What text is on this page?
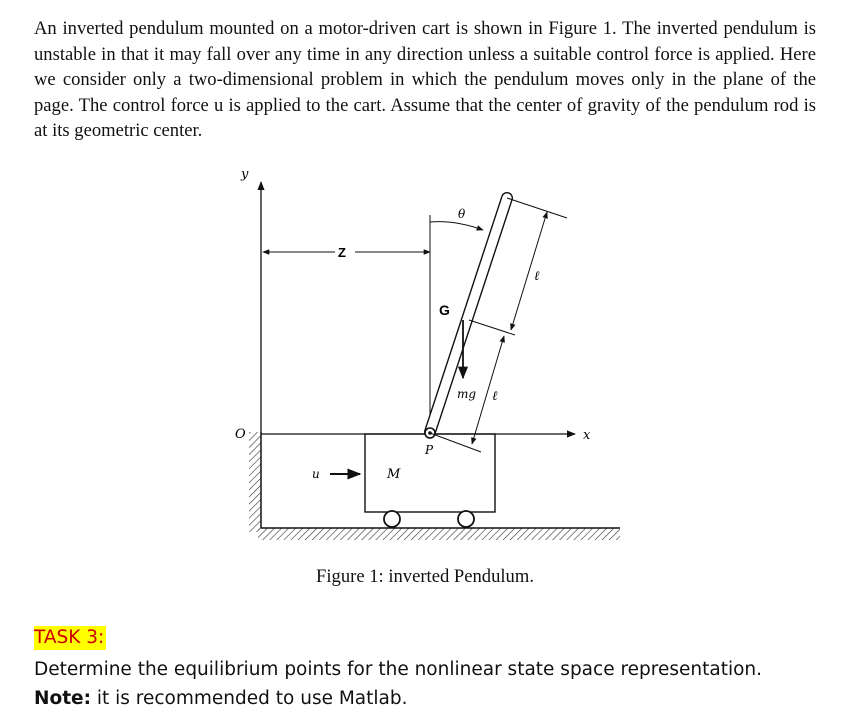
An inverted pendulum mounted on a motor-driven cart is shown in Figure 1. The inverted pendulum is unstable in that it may fall over any time in any direction unless a suitable control force is applied. Here we consider only a two-dimensional problem in which the pendulum moves only in the plane of the page. The control force u is applied to the cart. Assume that the center of gravity of the pendulum rod is at its geometric center.

y
x
O
Z
θ
M
u
P
G
mg
ℓ
ℓ

Figure 1: inverted Pendulum.

TASK 3:

Determine the equilibrium points for the nonlinear state space representation.
Note: it is recommended to use Matlab.
